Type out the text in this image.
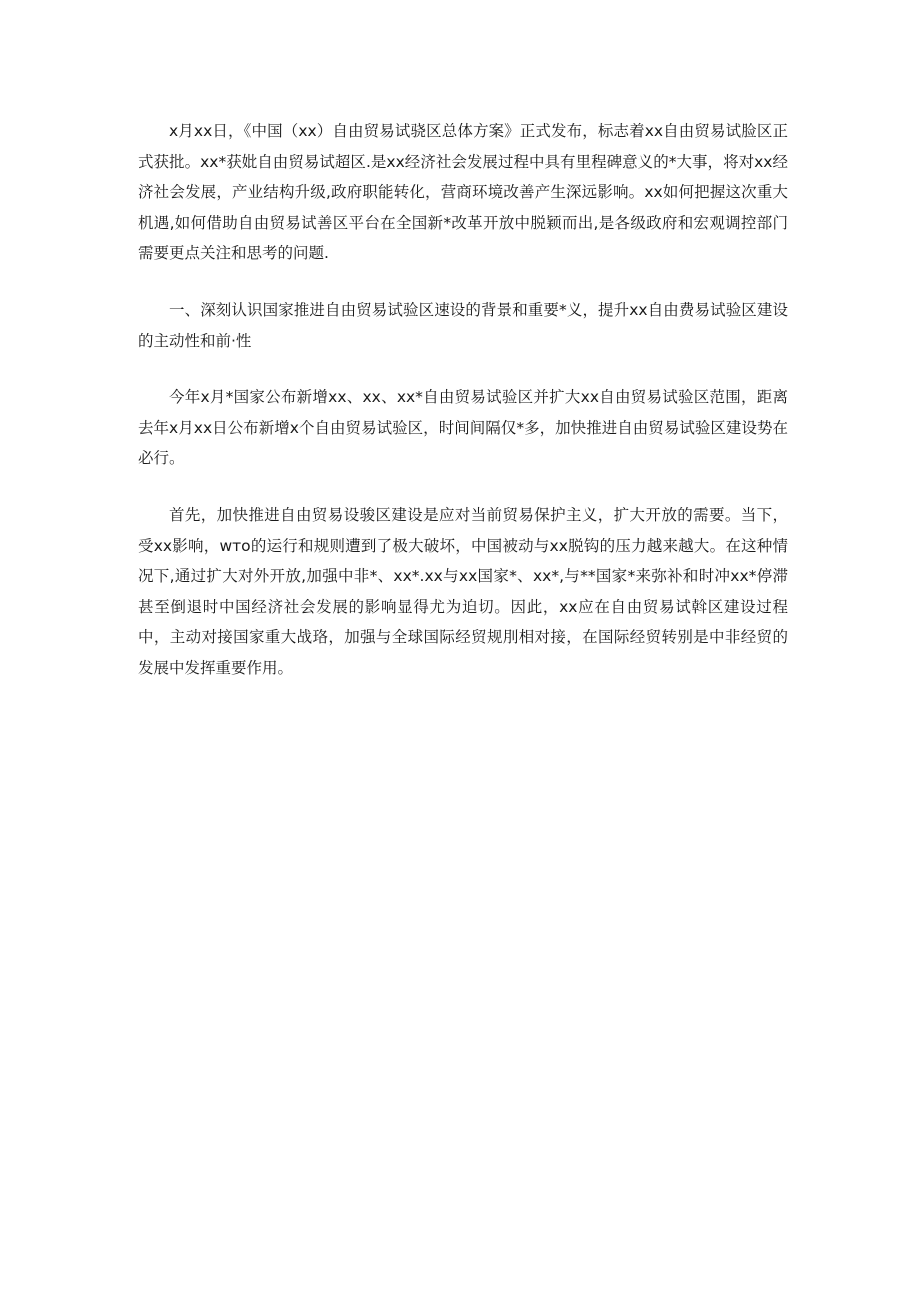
x月xx日，《中国（xx）自由贸易试骁区总体方案》正式发布，标志着xx自由贸易试脸区正式获批。xx*获妣自由贸易试超区.是xx经济社会发展过程中具有里程碑意义的*大事，将对xx经济社会发展，产业结构升级,政府职能转化，营商环境改善产生深远影响。xx如何把握这次重大机遇,如何借助自由贸易试善区平台在全国新*改革开放中脱颖而出,是各级政府和宏观调控部门需要更点关注和思考的问题.

一、深刻认识国家推进自由贸易试验区速设的背景和重要*义，提升xx自由费易试验区建设的主动性和前·性

今年x月*国家公布新增xx、xx、xx*自由贸易试验区并扩大xx自由贸易试验区范围，距离去年x月xx日公布新增x个自由贸易试验区，时间间隔仅*多，加快推进自由贸易试验区建设势在必行。

首先，加快推进自由贸易设骏区建设是应对当前贸易保护主义，扩大开放的需要。当下，受xx影响，wтo的运行和规则遭到了极大破坏，中国被动与xx脱钩的压力越来越大。在这种情况下,通过扩大对外开放,加强中非*、xx*.xx与xx国家*、xx*,与**国家*来弥补和时冲xx*停滞甚至倒退时中国经济社会发展的影响显得尤为迫切。因此，xx应在自由贸易试斡区建设过程中，主动对接国家重大战珞，加强与全球国际经贸规刖相对接，在国际经贸转别是中非经贸的发展中发挥重要作用。
